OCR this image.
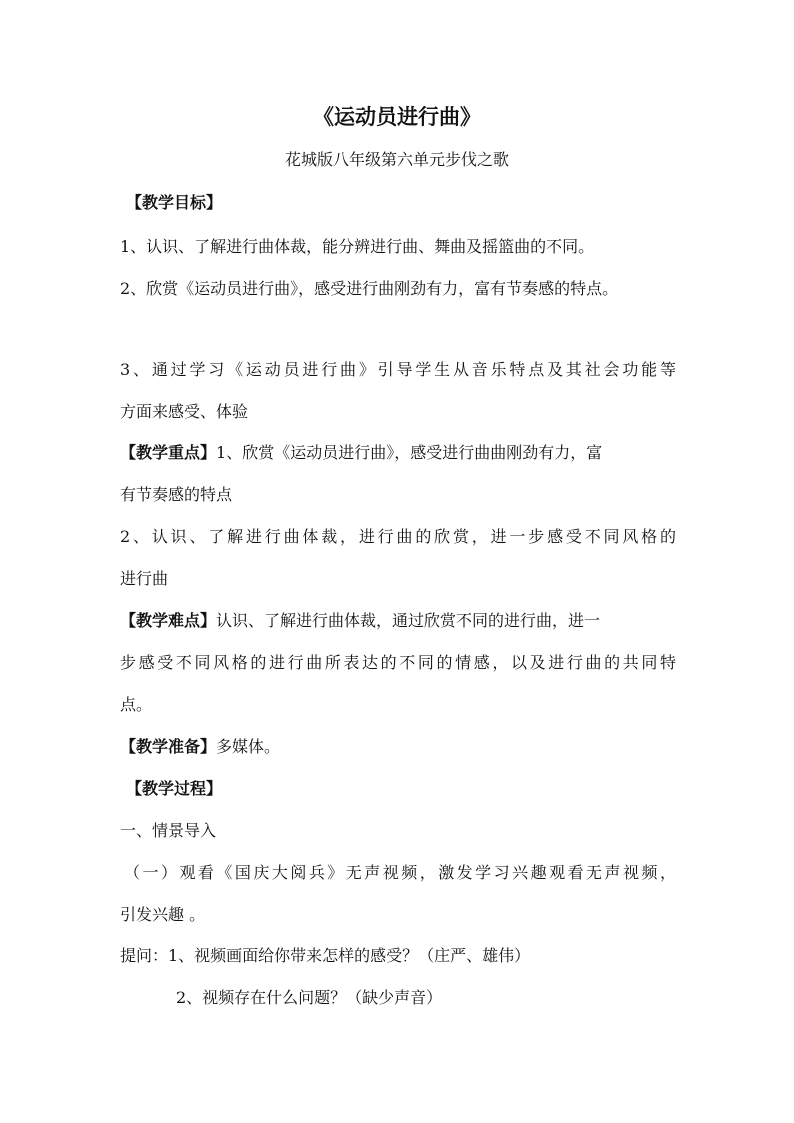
《运动员进行曲》

花城版八年级第六单元步伐之歌

【教学目标】

1、认识、了解进行曲体裁，能分辨进行曲、舞曲及摇篮曲的不同。

2、欣赏《运动员进行曲》，感受进行曲刚劲有力，富有节奏感的特点。

3、通过学习《运动员进行曲》引导学生从音乐特点及其社会功能等

方面来感受、体验

【教学重点】1、欣赏《运动员进行曲》，感受进行曲曲刚劲有力，富

有节奏感的特点

2、认识、了解进行曲体裁，进行曲的欣赏，进一步感受不同风格的

进行曲

【教学难点】认识、了解进行曲体裁，通过欣赏不同的进行曲，进一

步感受不同风格的进行曲所表达的不同的情感，以及进行曲的共同特

点。

【教学准备】多媒体。

【教学过程】

一、情景导入

（一）观看《国庆大阅兵》无声视频，激发学习兴趣观看无声视频，

引发兴趣 。

提问：1、视频画面给你带来怎样的感受？（庄严、雄伟）

2、视频存在什么问题？（缺少声音）
